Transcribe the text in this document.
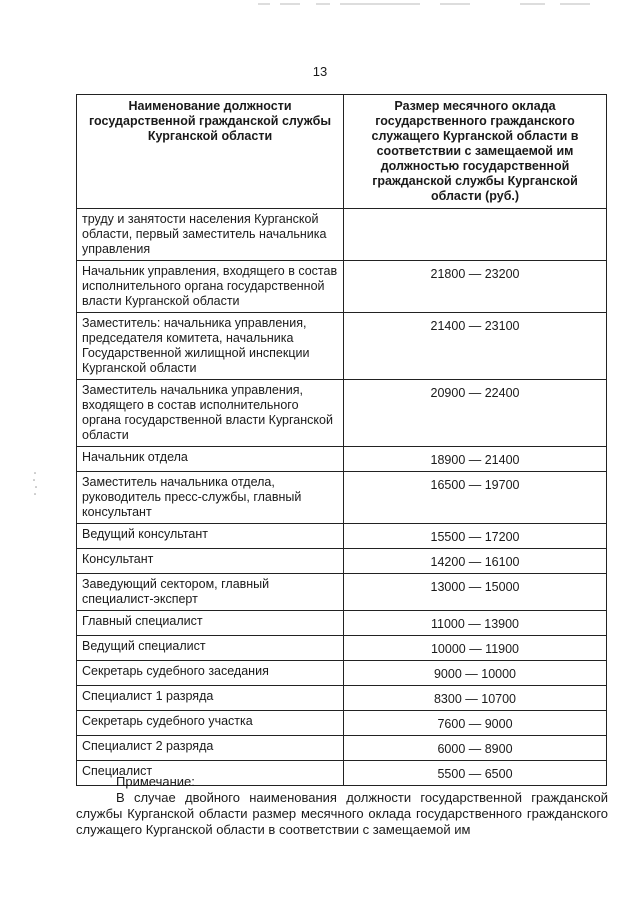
13
Наименование должности государственной гражданской службы Курганской области	Размер месячного оклада государственного гражданского служащего Курганской области в соответствии с замещаемой им должностью государственной гражданской службы Курганской области (руб.)
труду и занятости населения Курганской области, первый заместитель начальника управления	
Начальник управления, входящего в состав исполнительного органа государственной власти Курганской области	21800 — 23200
Заместитель: начальника управления, председателя комитета, начальника Государственной жилищной инспекции Курганской области	21400 — 23100
Заместитель начальника управления, входящего в состав исполнительного органа государственной власти Курганской области	20900 — 22400
Начальник отдела	18900 — 21400
Заместитель начальника отдела, руководитель пресс-службы, главный консультант	16500 — 19700
Ведущий консультант	15500 — 17200
Консультант	14200 — 16100
Заведующий сектором, главный специалист-эксперт	13000 — 15000
Главный специалист	11000 — 13900
Ведущий специалист	10000 — 11900
Секретарь судебного заседания	9000 — 10000
Специалист 1 разряда	8300 — 10700
Секретарь судебного участка	7600 — 9000
Специалист 2 разряда	6000 — 8900
Специалист	5500 — 6500
Примечание:

В случае двойного наименования должности государственной гражданской службы Курганской области размер месячного оклада государственного гражданского служащего Курганской области в соответствии с замещаемой им
